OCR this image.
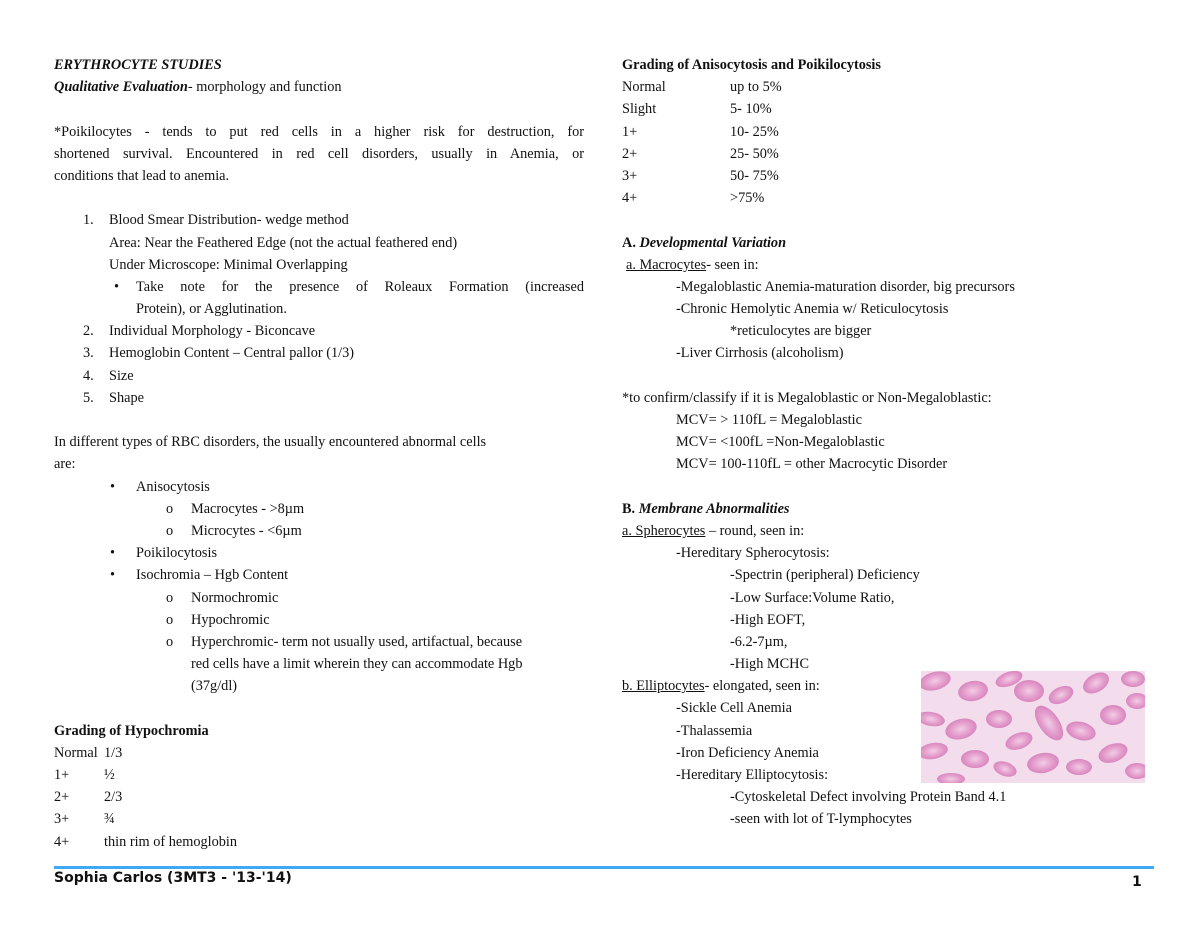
ERYTHROCYTE STUDIES
Qualitative Evaluation- morphology and function
*Poikilocytes - tends to put red cells in a higher risk for destruction, for
shortened survival. Encountered in red cell disorders, usually in Anemia, or
conditions that lead to anemia.
1. Blood Smear Distribution- wedge method
Area: Near the Feathered Edge (not the actual feathered end)
Under Microscope: Minimal Overlapping
• Take note for the presence of Roleaux Formation (increased
Protein), or Agglutination.
2. Individual Morphology - Biconcave
3. Hemoglobin Content – Central pallor (1/3)
4. Size
5. Shape
In different types of RBC disorders, the usually encountered abnormal cells
are:
• Anisocytosis
o Macrocytes - >8µm
o Microcytes - <6µm
• Poikilocytosis
• Isochromia – Hgb Content
o Normochromic
o Hypochromic
o Hyperchromic- term not usually used, artifactual, because
red cells have a limit wherein they can accommodate Hgb
(37g/dl)
Grading of Hypochromia
Normal 1/3
1+ ½
2+ 2/3
3+ ¾
4+ thin rim of hemoglobin
Grading of Anisocytosis and Poikilocytosis
Normal	up to 5%
Slight	5- 10%
1+	10- 25%
2+	25- 50%
3+	50- 75%
4+	>75%
A. Developmental Variation
a. Macrocytes- seen in:
-Megaloblastic Anemia-maturation disorder, big precursors
-Chronic Hemolytic Anemia w/ Reticulocytosis
*reticulocytes are bigger
-Liver Cirrhosis (alcoholism)
*to confirm/classify if it is Megaloblastic or Non-Megaloblastic:
MCV= > 110fL = Megaloblastic
MCV= <100fL =Non-Megaloblastic
MCV= 100-110fL = other Macrocytic Disorder
B. Membrane Abnormalities
a. Spherocytes – round, seen in:
-Hereditary Spherocytosis:
-Spectrin (peripheral) Deficiency
-Low Surface:Volume Ratio,
-High EOFT,
-6.2-7µm,
-High MCHC
b. Elliptocytes- elongated, seen in:
-Sickle Cell Anemia
-Thalassemia
-Iron Deficiency Anemia
-Hereditary Elliptocytosis:
-Cytoskeletal Defect involving Protein Band 4.1
-seen with lot of T-lymphocytes
Sophia Carlos (3MT3 - '13-'14)	1
